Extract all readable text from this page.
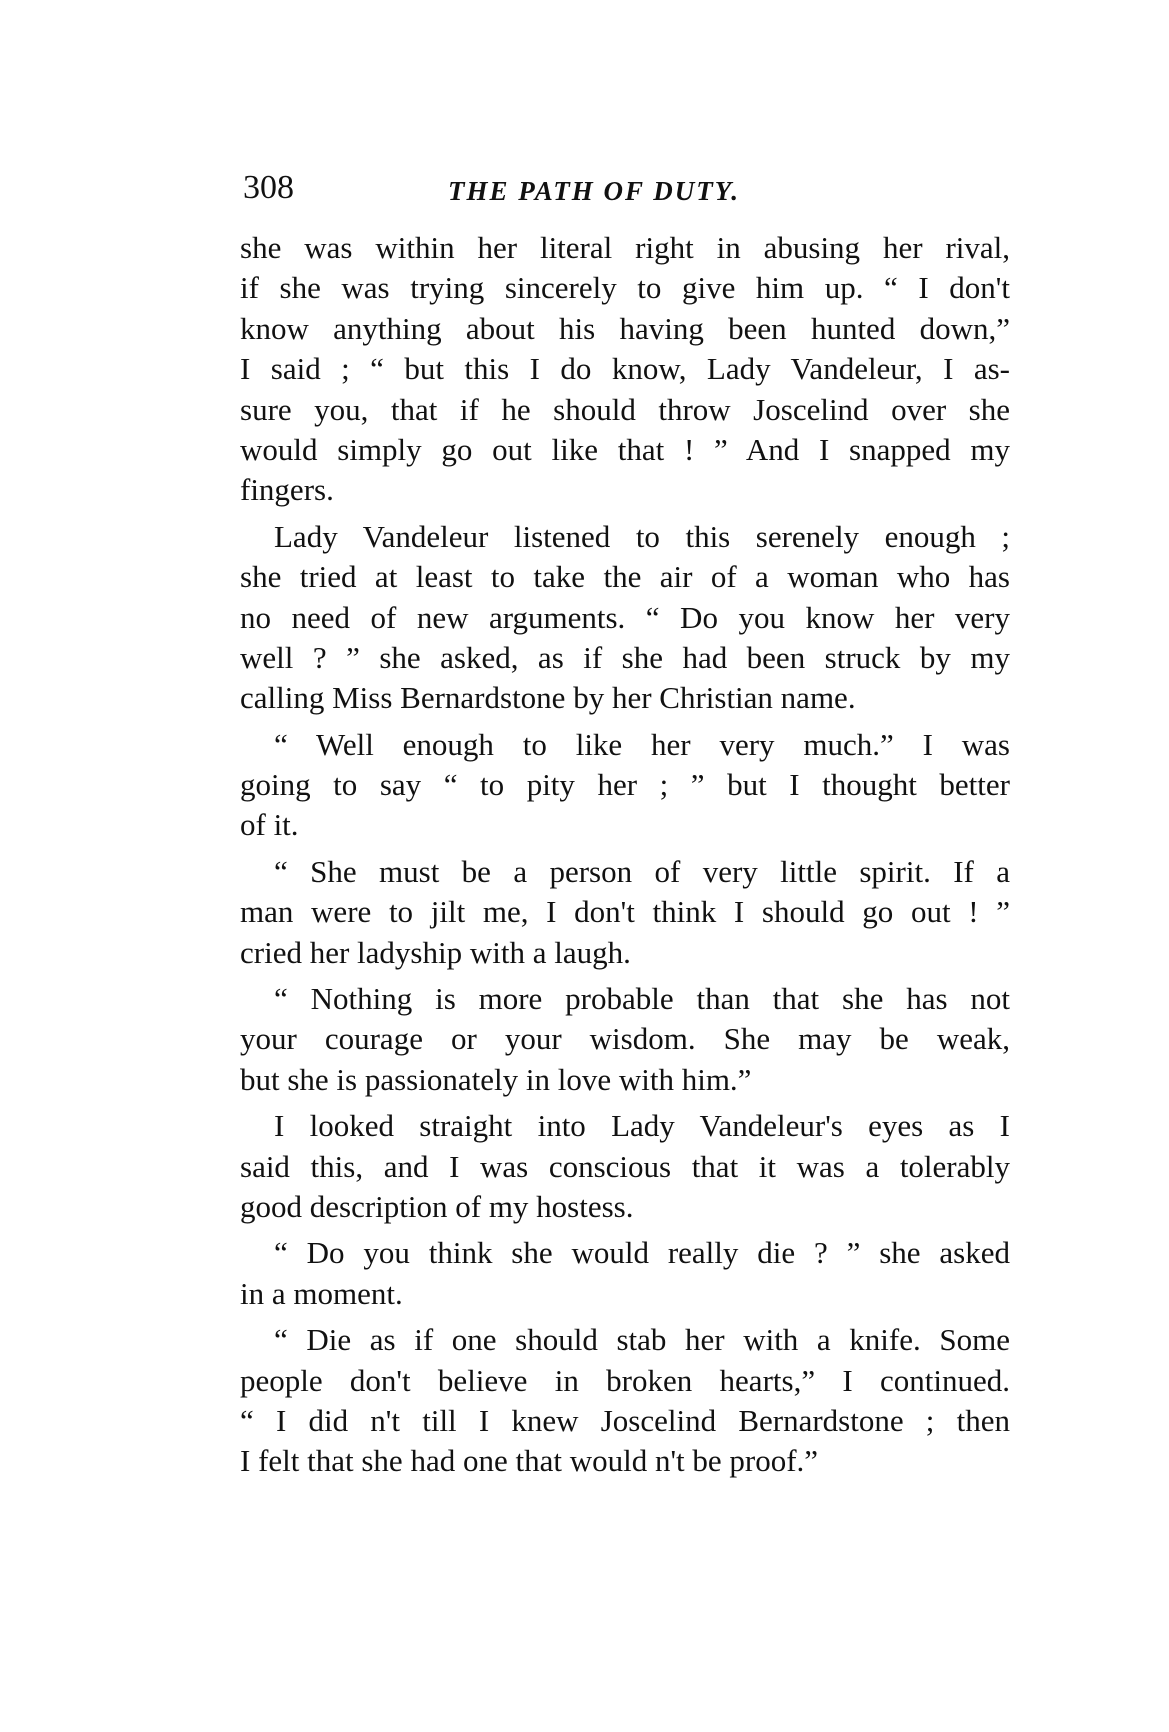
308	THE PATH OF DUTY.
she was within her literal right in abusing her rival,
if she was trying sincerely to give him up. “ I don't
know anything about his having been hunted down,”
I said ; “ but this I do know, Lady Vandeleur, I as-
sure you, that if he should throw Joscelind over she
would simply go out like that ! ” And I snapped my
fingers.
Lady Vandeleur listened to this serenely enough ;
she tried at least to take the air of a woman who has
no need of new arguments. “ Do you know her very
well ? ” she asked, as if she had been struck by my
calling Miss Bernardstone by her Christian name.
“ Well enough to like her very much.” I was
going to say “ to pity her ; ” but I thought better
of it.
“ She must be a person of very little spirit. If a
man were to jilt me, I don't think I should go out ! ”
cried her ladyship with a laugh.
“ Nothing is more probable than that she has not
your courage or your wisdom. She may be weak,
but she is passionately in love with him.”
I looked straight into Lady Vandeleur's eyes as I
said this, and I was conscious that it was a tolerably
good description of my hostess.
“ Do you think she would really die ? ” she asked
in a moment.
“ Die as if one should stab her with a knife. Some
people don't believe in broken hearts,” I continued.
“ I did n't till I knew Joscelind Bernardstone ; then
I felt that she had one that would n't be proof.”
